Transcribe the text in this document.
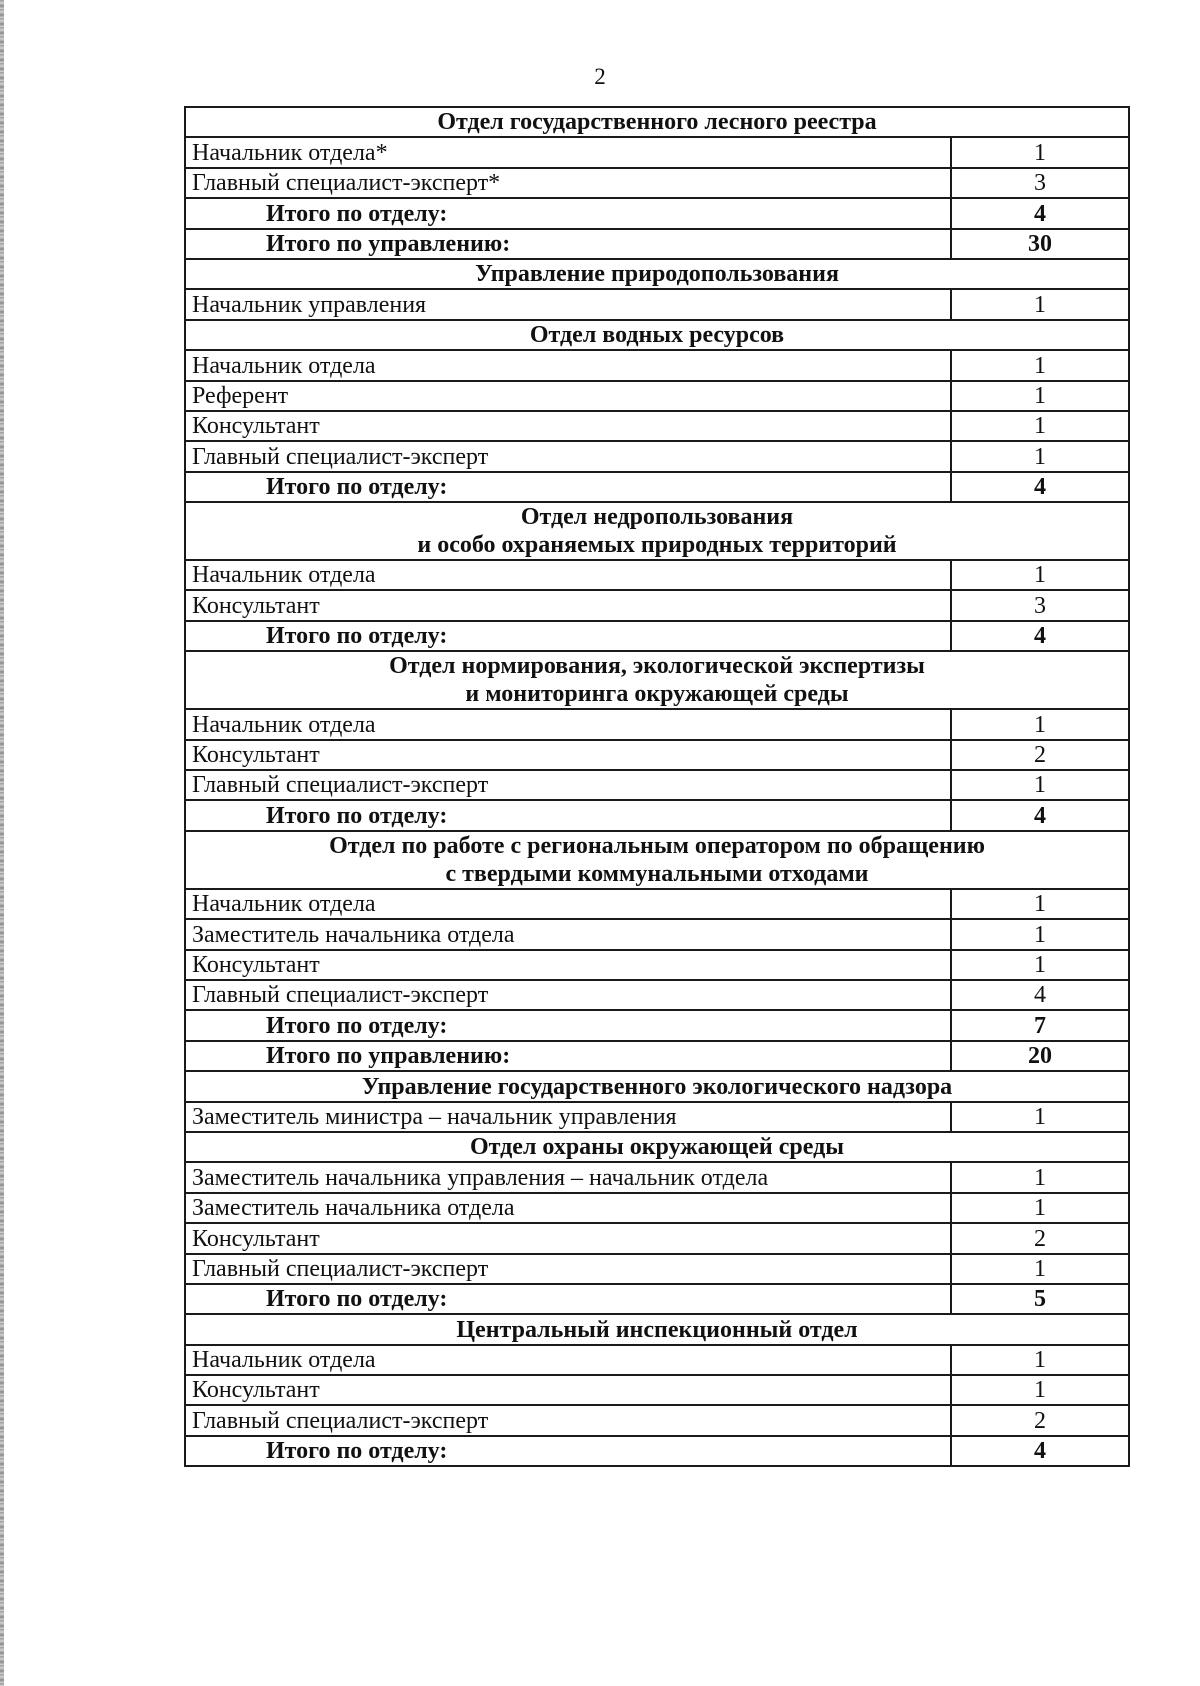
2
Отдел государственного лесного реестра	

Начальник отдела*	1
Главный специалист-эксперт*	3
Итого по отделу:	4
Итого по управлению:	30

Управление природопользования	

Начальник управления	1

Отдел водных ресурсов	

Начальник отдела	1
Референт	1
Консультант	1
Главный специалист-эксперт	1
Итого по отделу:	4

Отдел недропользования
и особо охраняемых природных территорий	

Начальник отдела	1
Консультант	3
Итого по отделу:	4

Отдел нормирования, экологической экспертизы
и мониторинга окружающей среды	

Начальник отдела	1
Консультант	2
Главный специалист-эксперт	1
Итого по отделу:	4

Отдел по работе с региональным оператором по обращению
с твердыми коммунальными отходами	

Начальник отдела	1
Заместитель начальника отдела	1
Консультант	1
Главный специалист-эксперт	4
Итого по отделу:	7
Итого по управлению:	20

Управление государственного экологического надзора	

Заместитель министра – начальник управления	1

Отдел охраны окружающей среды	

Заместитель начальника управления – начальник отдела	1
Заместитель начальника отдела	1
Консультант	2
Главный специалист-эксперт	1
Итого по отделу:	5

Центральный инспекционный отдел	

Начальник отдела	1
Консультант	1
Главный специалист-эксперт	2
Итого по отделу:	4
